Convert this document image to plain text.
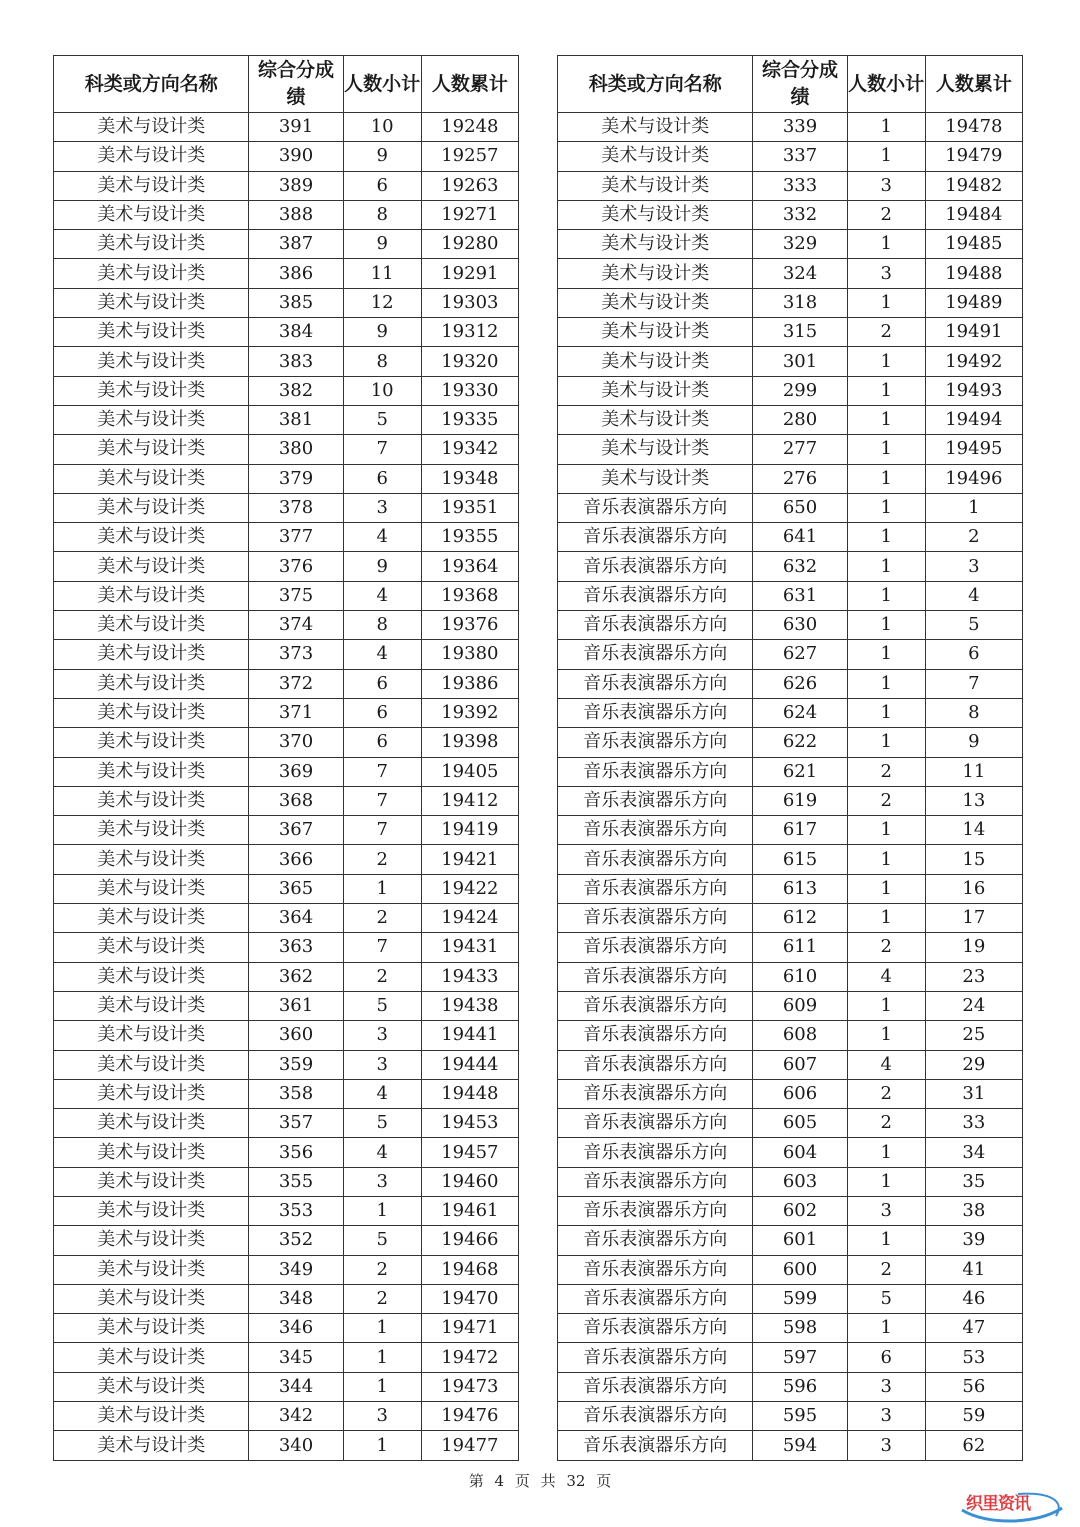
科类或方向名称	综合分成绩	人数小计	人数累计
美术与设计类	391	10	19248
美术与设计类	390	9	19257
美术与设计类	389	6	19263
美术与设计类	388	8	19271
美术与设计类	387	9	19280
美术与设计类	386	11	19291
美术与设计类	385	12	19303
美术与设计类	384	9	19312
美术与设计类	383	8	19320
美术与设计类	382	10	19330
美术与设计类	381	5	19335
美术与设计类	380	7	19342
美术与设计类	379	6	19348
美术与设计类	378	3	19351
美术与设计类	377	4	19355
美术与设计类	376	9	19364
美术与设计类	375	4	19368
美术与设计类	374	8	19376
美术与设计类	373	4	19380
美术与设计类	372	6	19386
美术与设计类	371	6	19392
美术与设计类	370	6	19398
美术与设计类	369	7	19405
美术与设计类	368	7	19412
美术与设计类	367	7	19419
美术与设计类	366	2	19421
美术与设计类	365	1	19422
美术与设计类	364	2	19424
美术与设计类	363	7	19431
美术与设计类	362	2	19433
美术与设计类	361	5	19438
美术与设计类	360	3	19441
美术与设计类	359	3	19444
美术与设计类	358	4	19448
美术与设计类	357	5	19453
美术与设计类	356	4	19457
美术与设计类	355	3	19460
美术与设计类	353	1	19461
美术与设计类	352	5	19466
美术与设计类	349	2	19468
美术与设计类	348	2	19470
美术与设计类	346	1	19471
美术与设计类	345	1	19472
美术与设计类	344	1	19473
美术与设计类	342	3	19476
美术与设计类	340	1	19477
科类或方向名称	综合分成绩	人数小计	人数累计
美术与设计类	339	1	19478
美术与设计类	337	1	19479
美术与设计类	333	3	19482
美术与设计类	332	2	19484
美术与设计类	329	1	19485
美术与设计类	324	3	19488
美术与设计类	318	1	19489
美术与设计类	315	2	19491
美术与设计类	301	1	19492
美术与设计类	299	1	19493
美术与设计类	280	1	19494
美术与设计类	277	1	19495
美术与设计类	276	1	19496
音乐表演器乐方向	650	1	1
音乐表演器乐方向	641	1	2
音乐表演器乐方向	632	1	3
音乐表演器乐方向	631	1	4
音乐表演器乐方向	630	1	5
音乐表演器乐方向	627	1	6
音乐表演器乐方向	626	1	7
音乐表演器乐方向	624	1	8
音乐表演器乐方向	622	1	9
音乐表演器乐方向	621	2	11
音乐表演器乐方向	619	2	13
音乐表演器乐方向	617	1	14
音乐表演器乐方向	615	1	15
音乐表演器乐方向	613	1	16
音乐表演器乐方向	612	1	17
音乐表演器乐方向	611	2	19
音乐表演器乐方向	610	4	23
音乐表演器乐方向	609	1	24
音乐表演器乐方向	608	1	25
音乐表演器乐方向	607	4	29
音乐表演器乐方向	606	2	31
音乐表演器乐方向	605	2	33
音乐表演器乐方向	604	1	34
音乐表演器乐方向	603	1	35
音乐表演器乐方向	602	3	38
音乐表演器乐方向	601	1	39
音乐表演器乐方向	600	2	41
音乐表演器乐方向	599	5	46
音乐表演器乐方向	598	1	47
音乐表演器乐方向	597	6	53
音乐表演器乐方向	596	3	56
音乐表演器乐方向	595	3	59
音乐表演器乐方向	594	3	62
第 4 页 共 32 页
织里资讯
